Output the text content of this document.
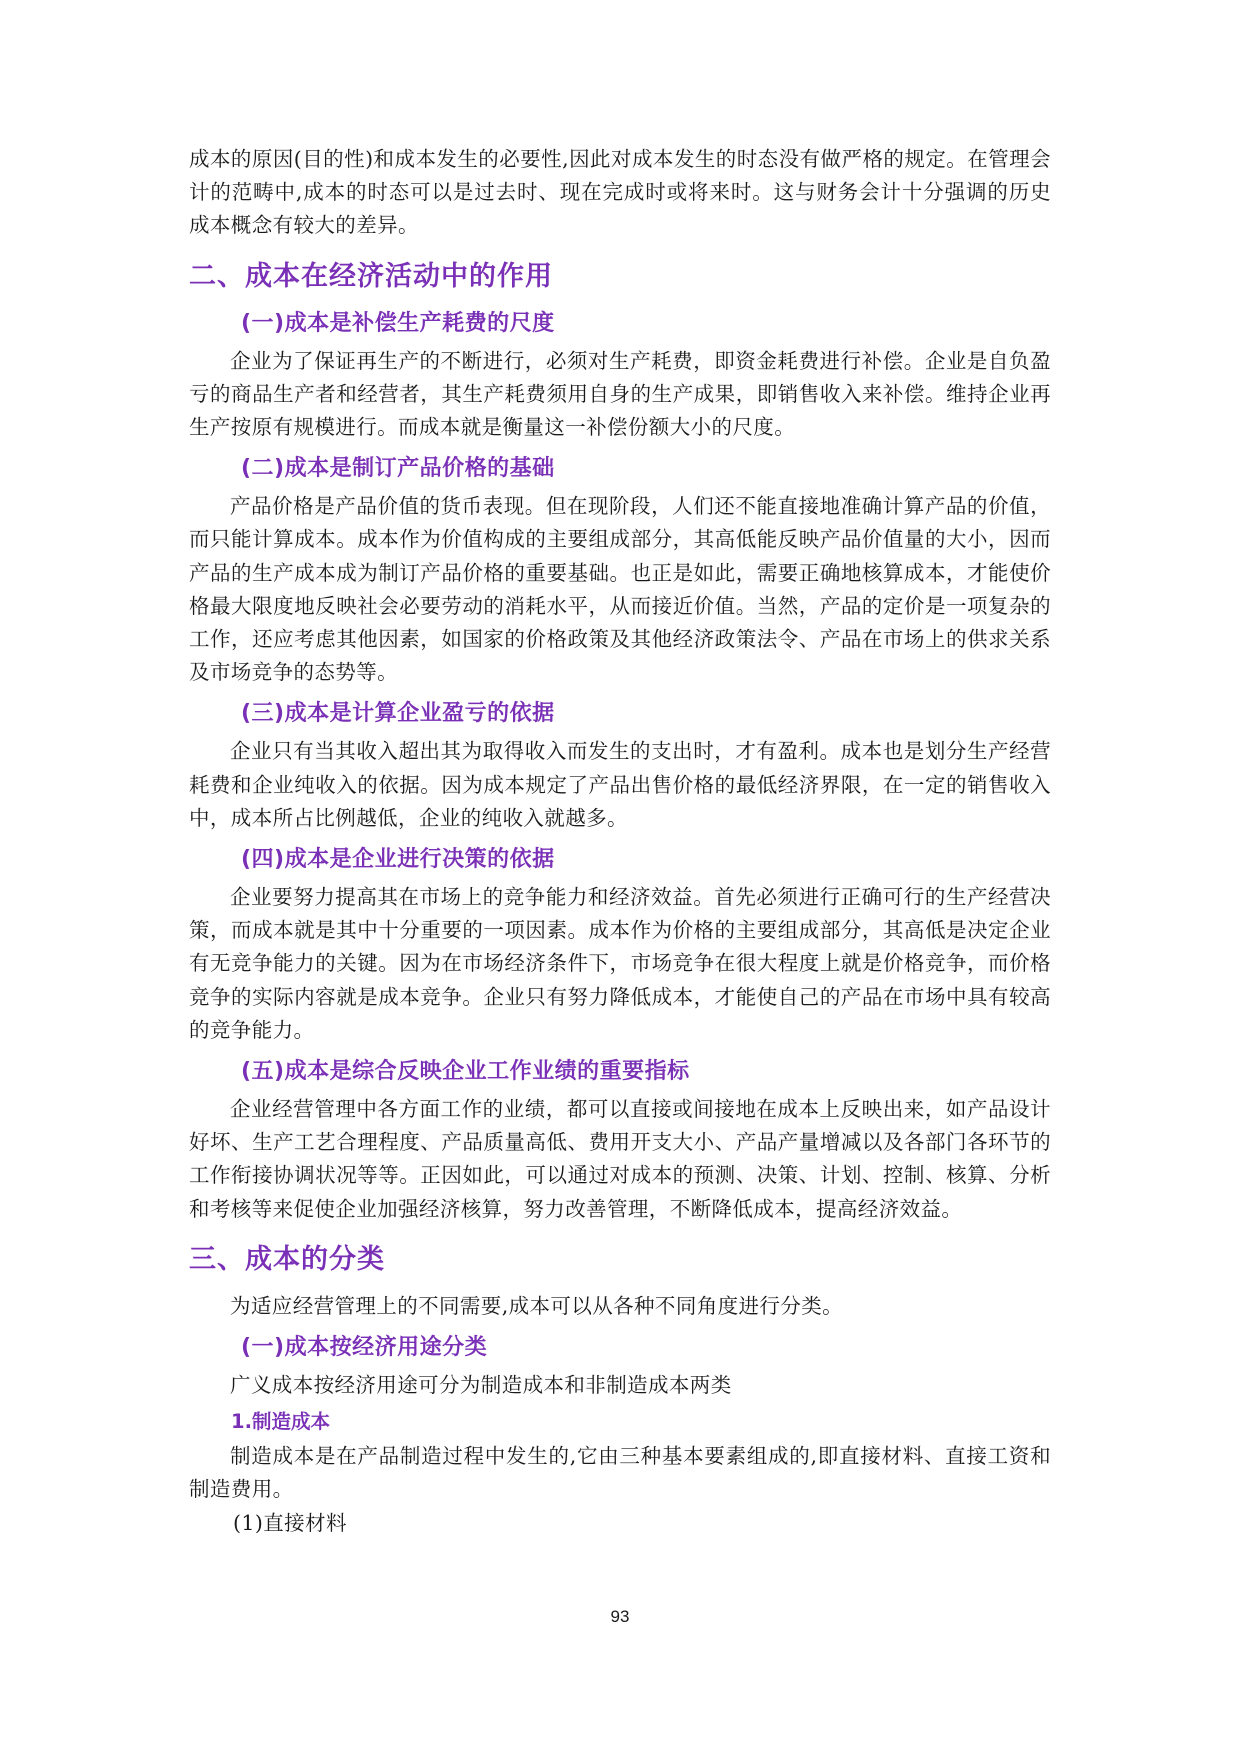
成本的原因(目的性)和成本发生的必要性,因此对成本发生的时态没有做严格的规定。在管理会计的范畴中,成本的时态可以是过去时、现在完成时或将来时。这与财务会计十分强调的历史成本概念有较大的差异。

二、成本在经济活动中的作用
(一)成本是补偿生产耗费的尺度

企业为了保证再生产的不断进行，必须对生产耗费，即资金耗费进行补偿。企业是自负盈亏的商品生产者和经营者，其生产耗费须用自身的生产成果，即销售收入来补偿。维持企业再生产按原有规模进行。而成本就是衡量这一补偿份额大小的尺度。

(二)成本是制订产品价格的基础

产品价格是产品价值的货币表现。但在现阶段，人们还不能直接地准确计算产品的价值，而只能计算成本。成本作为价值构成的主要组成部分，其高低能反映产品价值量的大小，因而产品的生产成本成为制订产品价格的重要基础。也正是如此，需要正确地核算成本，才能使价格最大限度地反映社会必要劳动的消耗水平，从而接近价值。当然，产品的定价是一项复杂的工作，还应考虑其他因素，如国家的价格政策及其他经济政策法令、产品在市场上的供求关系及市场竞争的态势等。

(三)成本是计算企业盈亏的依据

企业只有当其收入超出其为取得收入而发生的支出时，才有盈利。成本也是划分生产经营耗费和企业纯收入的依据。因为成本规定了产品出售价格的最低经济界限，在一定的销售收入中，成本所占比例越低，企业的纯收入就越多。

(四)成本是企业进行决策的依据

企业要努力提高其在市场上的竞争能力和经济效益。首先必须进行正确可行的生产经营决策，而成本就是其中十分重要的一项因素。成本作为价格的主要组成部分，其高低是决定企业有无竞争能力的关键。因为在市场经济条件下，市场竞争在很大程度上就是价格竞争，而价格竞争的实际内容就是成本竞争。企业只有努力降低成本，才能使自己的产品在市场中具有较高的竞争能力。

(五)成本是综合反映企业工作业绩的重要指标

企业经营管理中各方面工作的业绩，都可以直接或间接地在成本上反映出来，如产品设计好坏、生产工艺合理程度、产品质量高低、费用开支大小、产品产量增减以及各部门各环节的工作衔接协调状况等等。正因如此，可以通过对成本的预测、决策、计划、控制、核算、分析和考核等来促使企业加强经济核算，努力改善管理，不断降低成本，提高经济效益。

三、成本的分类

为适应经营管理上的不同需要,成本可以从各种不同角度进行分类。

(一)成本按经济用途分类

广义成本按经济用途可分为制造成本和非制造成本两类

1.制造成本

制造成本是在产品制造过程中发生的,它由三种基本要素组成的,即直接材料、直接工资和制造费用。

(1)直接材料

93
